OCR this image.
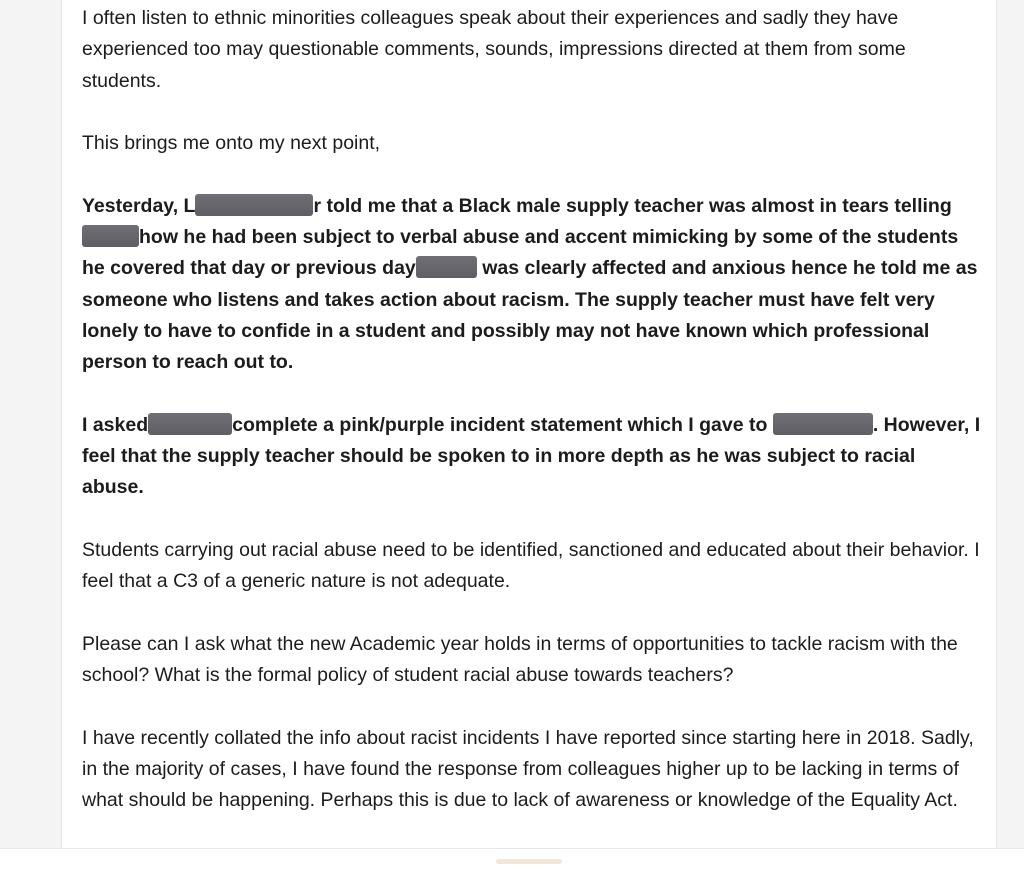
I often listen to ethnic minorities colleagues speak about their experiences and sadly they have experienced too may questionable comments, sounds, impressions directed at them from some students.

This brings me onto my next point,

Yesterday, L	r told me that a Black male supply teacher was almost in tears tellinghow he had been subject to verbal abuse and accent mimicking by some of the students he covered that day or previous day	was clearly affected and anxious hence he told me as someone who listens and takes action about racism. The supply teacher must have felt very lonely to have to confide in a student and possibly may not have known which professional person to reach out to.

I asked	complete a pink/purple incident statement which I gave to	. However, I feel that the supply teacher should be spoken to in more depth as he was subject to racial abuse.

Students carrying out racial abuse need to be identified, sanctioned and educated about their behavior. I feel that a C3 of a generic nature is not adequate.

Please can I ask what the new Academic year holds in terms of opportunities to tackle racism with the school? What is the formal policy of student racial abuse towards teachers?

I have recently collated the info about racist incidents I have reported since starting here in 2018. Sadly, in the majority of cases, I have found the response from colleagues higher up to be lacking in terms of what should be happening. Perhaps this is due to lack of awareness or knowledge of the Equality Act.
